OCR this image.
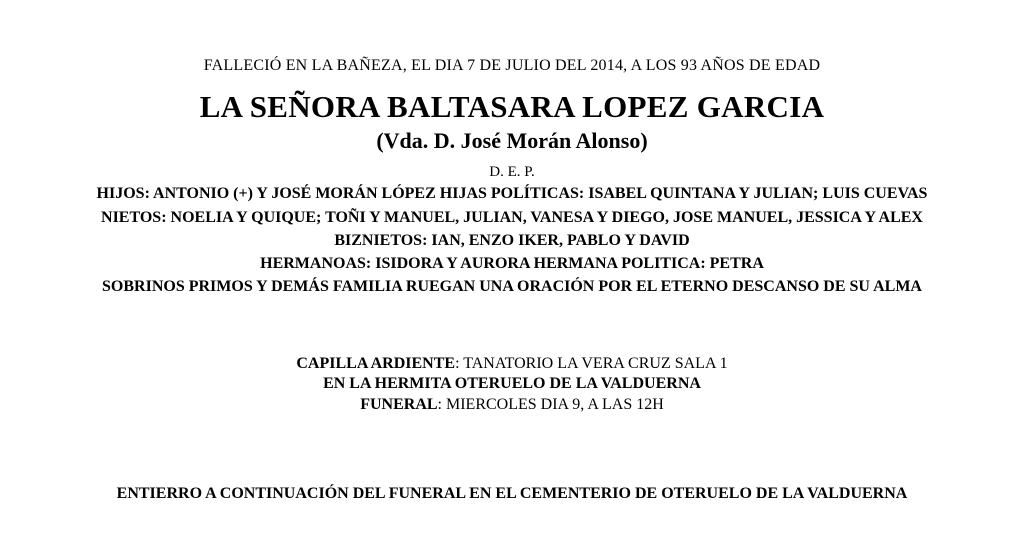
FALLECIÓ EN LA BAÑEZA, EL DIA 7 DE JULIO DEL 2014, A LOS 93 AÑOS DE EDAD
LA SEÑORA BALTASARA LOPEZ GARCIA
(Vda. D. José Morán Alonso)
D. E. P.
HIJOS: ANTONIO (+) Y JOSÉ MORÁN LÓPEZ HIJAS POLÍTICAS: ISABEL QUINTANA Y JULIAN; LUIS CUEVAS
NIETOS: NOELIA Y QUIQUE; TOÑI Y MANUEL, JULIAN, VANESA Y DIEGO, JOSE MANUEL, JESSICA Y ALEX
BIZNIETOS: IAN, ENZO IKER, PABLO Y DAVID
HERMANOAS: ISIDORA Y AURORA HERMANA POLITICA: PETRA
SOBRINOS PRIMOS Y DEMÁS FAMILIA RUEGAN UNA ORACIÓN POR EL ETERNO DESCANSO DE SU ALMA
CAPILLA ARDIENTE: TANATORIO LA VERA CRUZ SALA 1
EN LA HERMITA OTERUELO DE LA VALDUERNA
FUNERAL: MIERCOLES DIA 9, A LAS 12H
ENTIERRO A CONTINUACIÓN DEL FUNERAL EN EL CEMENTERIO DE OTERUELO DE LA VALDUERNA
